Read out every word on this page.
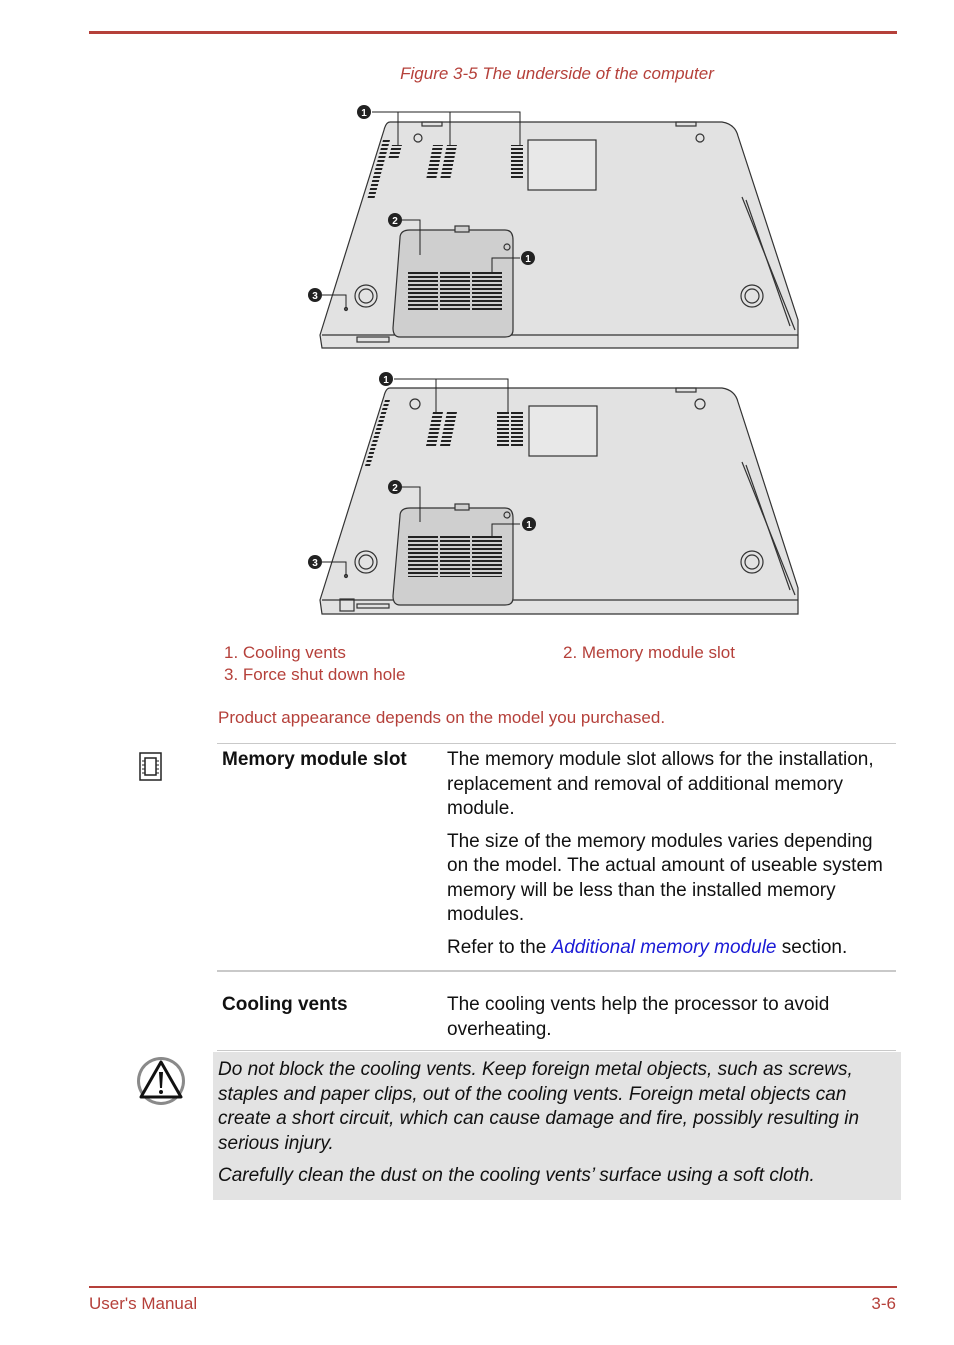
Figure 3-5 The underside of the computer
1
2
1
3
1
2
1
3
1. Cooling vents	2. Memory module slot
3. Force shut down hole
Product appearance depends on the model you purchased.
Memory module slot	The memory module slot allows for the installation, replacement and removal of additional memory module.

The size of the memory modules varies depending on the model. The actual amount of useable system memory will be less than the installed memory modules.

Refer to the Additional memory module section.

Cooling vents	The cooling vents help the processor to avoid overheating.

Do not block the cooling vents. Keep foreign metal objects, such as screws, staples and paper clips, out of the cooling vents. Foreign metal objects can create a short circuit, which can cause damage and fire, possibly resulting in serious injury.

Carefully clean the dust on the cooling vents’ surface using a soft cloth.

User's Manual	3-6
